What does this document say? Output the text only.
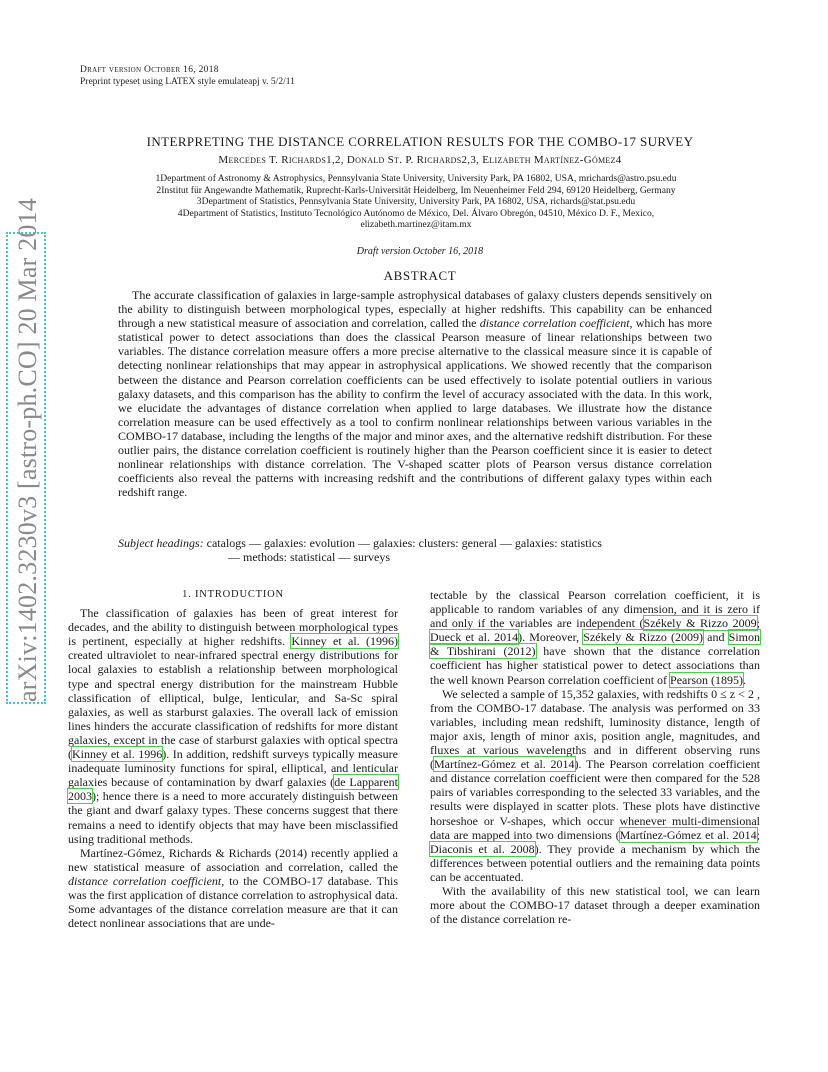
Draft version October 16, 2018
Preprint typeset using LATEX style emulateapj v. 5/2/11
arXiv:1402.3230v3 [astro-ph.CO] 20 Mar 2014
INTERPRETING THE DISTANCE CORRELATION RESULTS FOR THE COMBO-17 SURVEY
Mercedes T. Richards1,2, Donald St. P. Richards2,3, Elizabeth Martínez-Gómez4
1Department of Astronomy & Astrophysics, Pennsylvania State University, University Park, PA 16802, USA, mrichards@astro.psu.edu
2Institut für Angewandte Mathematik, Ruprecht-Karls-Universität Heidelberg, Im Neuenheimer Feld 294, 69120 Heidelberg, Germany
3Department of Statistics, Pennsylvania State University, University Park, PA 16802, USA, richards@stat.psu.edu
4Department of Statistics, Instituto Tecnológico Autónomo de México, Del. Álvaro Obregón, 04510, México D. F., Mexico,
elizabeth.martinez@itam.mx
Draft version October 16, 2018
ABSTRACT
The accurate classification of galaxies in large-sample astrophysical databases of galaxy clusters depends sensitively on the ability to distinguish between morphological types, especially at higher redshifts. This capability can be enhanced through a new statistical measure of association and correlation, called the distance correlation coefficient, which has more statistical power to detect associations than does the classical Pearson measure of linear relationships between two variables. The distance correlation measure offers a more precise alternative to the classical measure since it is capable of detecting nonlinear relationships that may appear in astrophysical applications. We showed recently that the comparison between the distance and Pearson correlation coefficients can be used effectively to isolate potential outliers in various galaxy datasets, and this comparison has the ability to confirm the level of accuracy associated with the data. In this work, we elucidate the advantages of distance correlation when applied to large databases. We illustrate how the distance correlation measure can be used effectively as a tool to confirm nonlinear relationships between various variables in the COMBO-17 database, including the lengths of the major and minor axes, and the alternative redshift distribution. For these outlier pairs, the distance correlation coefficient is routinely higher than the Pearson coefficient since it is easier to detect nonlinear relationships with distance correlation. The V-shaped scatter plots of Pearson versus distance correlation coefficients also reveal the patterns with increasing redshift and the contributions of different galaxy types within each redshift range.
Subject headings: catalogs — galaxies: evolution — galaxies: clusters: general — galaxies: statistics
— methods: statistical — surveys
1. INTRODUCTION

The classification of galaxies has been of great interest for decades, and the ability to distinguish between morphological types is pertinent, especially at higher redshifts. Kinney et al. (1996) created ultraviolet to near-infrared spectral energy distributions for local galaxies to establish a relationship between morphological type and spectral energy distribution for the mainstream Hubble classification of elliptical, bulge, lenticular, and Sa-Sc spiral galaxies, as well as starburst galaxies. The overall lack of emission lines hinders the accurate classification of redshifts for more distant galaxies, except in the case of starburst galaxies with optical spectra (Kinney et al. 1996). In addition, redshift surveys typically measure inadequate luminosity functions for spiral, elliptical, and lenticular galaxies because of contamination by dwarf galaxies (de Lapparent 2003); hence there is a need to more accurately distinguish between the giant and dwarf galaxy types. These concerns suggest that there remains a need to identify objects that may have been misclassified using traditional methods.

Martínez-Gómez, Richards & Richards (2014) recently applied a new statistical measure of association and correlation, called the distance correlation coefficient, to the COMBO-17 database. This was the first application of distance correlation to astrophysical data. Some advantages of the distance correlation measure are that it can detect nonlinear associations that are unde-

tectable by the classical Pearson correlation coefficient, it is applicable to random variables of any dimension, and it is zero if and only if the variables are independent (Székely & Rizzo 2009; Dueck et al. 2014). Moreover, Székely & Rizzo (2009) and Simon & Tibshirani (2012) have shown that the distance correlation coefficient has higher statistical power to detect associations than the well known Pearson correlation coefficient of Pearson (1895).

We selected a sample of 15,352 galaxies, with redshifts 0 ≤ z < 2 , from the COMBO-17 database. The analysis was performed on 33 variables, including mean redshift, luminosity distance, length of major axis, length of minor axis, position angle, magnitudes, and fluxes at various wavelengths and in different observing runs (Martínez-Gómez et al. 2014). The Pearson correlation coefficient and distance correlation coefficient were then compared for the 528 pairs of variables corresponding to the selected 33 variables, and the results were displayed in scatter plots. These plots have distinctive horseshoe or V-shapes, which occur whenever multi-dimensional data are mapped into two dimensions (Martínez-Gómez et al. 2014; Diaconis et al. 2008). They provide a mechanism by which the differences between potential outliers and the remaining data points can be accentuated.

With the availability of this new statistical tool, we can learn more about the COMBO-17 dataset through a deeper examination of the distance correlation re-
